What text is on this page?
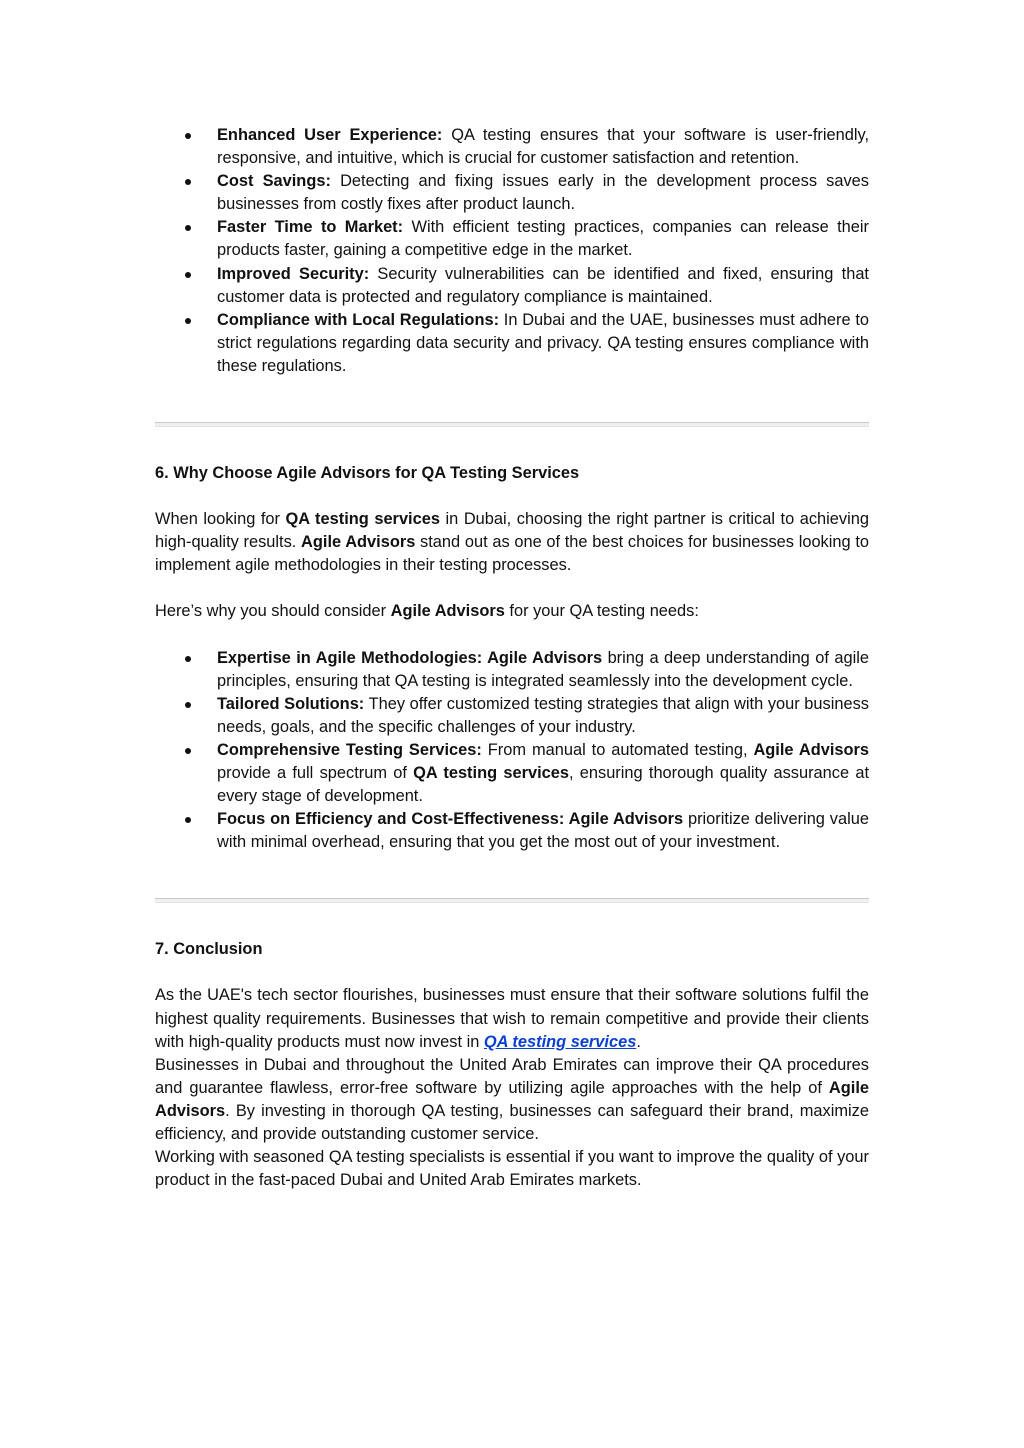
Enhanced User Experience: QA testing ensures that your software is user-friendly, responsive, and intuitive, which is crucial for customer satisfaction and retention.
Cost Savings: Detecting and fixing issues early in the development process saves businesses from costly fixes after product launch.
Faster Time to Market: With efficient testing practices, companies can release their products faster, gaining a competitive edge in the market.
Improved Security: Security vulnerabilities can be identified and fixed, ensuring that customer data is protected and regulatory compliance is maintained.
Compliance with Local Regulations: In Dubai and the UAE, businesses must adhere to strict regulations regarding data security and privacy. QA testing ensures compliance with these regulations.

6. Why Choose Agile Advisors for QA Testing Services

When looking for QA testing services in Dubai, choosing the right partner is critical to achieving high-quality results. Agile Advisors stand out as one of the best choices for businesses looking to implement agile methodologies in their testing processes.

Here’s why you should consider Agile Advisors for your QA testing needs:

Expertise in Agile Methodologies: Agile Advisors bring a deep understanding of agile principles, ensuring that QA testing is integrated seamlessly into the development cycle.
Tailored Solutions: They offer customized testing strategies that align with your business needs, goals, and the specific challenges of your industry.
Comprehensive Testing Services: From manual to automated testing, Agile Advisors provide a full spectrum of QA testing services, ensuring thorough quality assurance at every stage of development.
Focus on Efficiency and Cost-Effectiveness: Agile Advisors prioritize delivering value with minimal overhead, ensuring that you get the most out of your investment.

7. Conclusion

As the UAE's tech sector flourishes, businesses must ensure that their software solutions fulfil the highest quality requirements. Businesses that wish to remain competitive and provide their clients with high-quality products must now invest in QA testing services.

Businesses in Dubai and throughout the United Arab Emirates can improve their QA procedures and guarantee flawless, error-free software by utilizing agile approaches with the help of Agile Advisors. By investing in thorough QA testing, businesses can safeguard their brand, maximize efficiency, and provide outstanding customer service.

Working with seasoned QA testing specialists is essential if you want to improve the quality of your product in the fast-paced Dubai and United Arab Emirates markets.
